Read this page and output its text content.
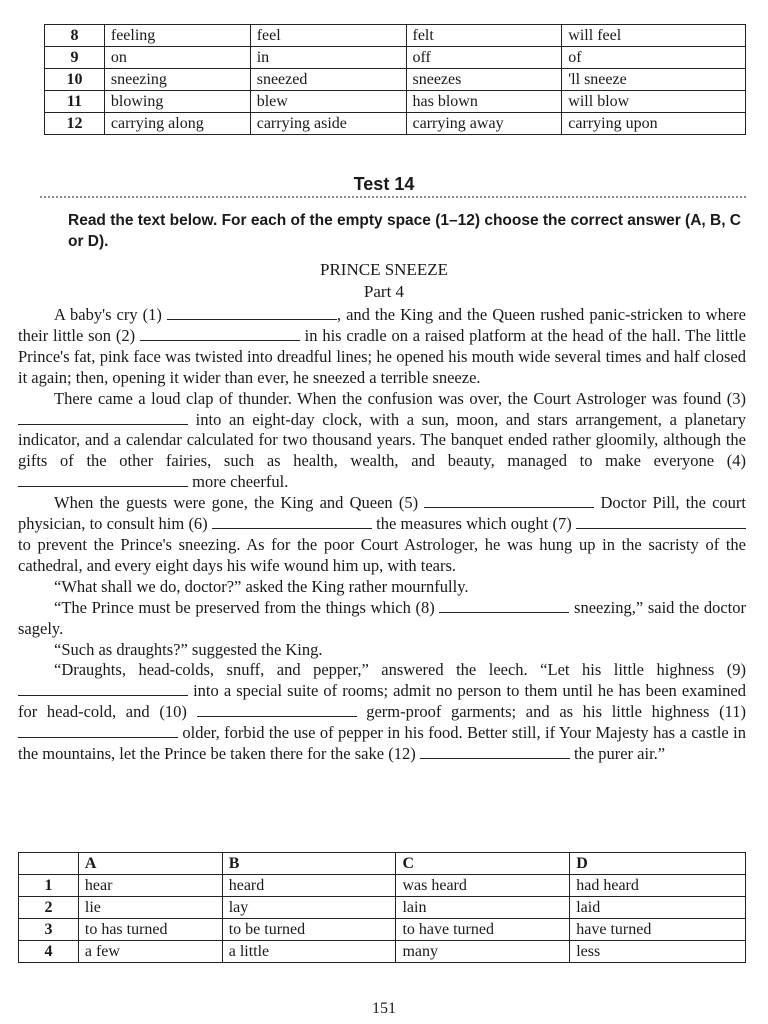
8	feeling	feel	felt	will feel
9	on	in	off	of
10	sneezing	sneezed	sneezes	'll sneeze
11	blowing	blew	has blown	will blow
12	carrying along	carrying aside	carrying away	carrying upon
Test 14
Read the text below. For each of the empty space (1–12) choose the correct answer (A, B, C or D).
PRINCE SNEEZE
Part 4

A baby's cry (1)	, and the King and the Queen rushed panic-stricken to where their little son (2)	in his cradle on a raised platform at the head of the hall. The little Prince's fat, pink face was twisted into dreadful lines; he opened his mouth wide several times and half closed it again; then, opening it wider than ever, he sneezed a terrible sneeze.

There came a loud clap of thunder. When the confusion was over, the Court Astrologer was found (3)  into an eight-day clock, with a sun, moon, and stars arrangement, a planetary indicator, and a calendar calculated for two thousand years. The banquet ended rather gloomily, although the gifts of the other fairies, such as health, wealth, and beauty, managed to make everyone (4)  more cheerful.

When the guests were gone, the King and Queen (5)	Doctor Pill, the court physician, to consult him (6)	the measures which ought (7)  to prevent the Prince's sneezing. As for the poor Court Astrologer, he was hung up in the sacristy of the cathedral, and every eight days his wife wound him up, with tears.

“What shall we do, doctor?” asked the King rather mournfully.

“The Prince must be preserved from the things which (8)	sneezing,” said the doctor sagely.

“Such as draughts?” suggested the King.

“Draughts, head-colds, snuff, and pepper,” answered the leech. “Let his little highness (9)  into a special suite of rooms; admit no person to them until he has been examined for head-cold, and (10)	germ-proof garments; and as his little highness (11)  older, forbid the use of pepper in his food. Better still, if Your Majesty has a castle in the mountains, let the Prince be taken there for the sake (12)	the purer air.”

	A	B	C	D
1	hear	heard	was heard	had heard
2	lie	lay	lain	laid
3	to has turned	to be turned	to have turned	have turned
4	a few	a little	many	less
151
